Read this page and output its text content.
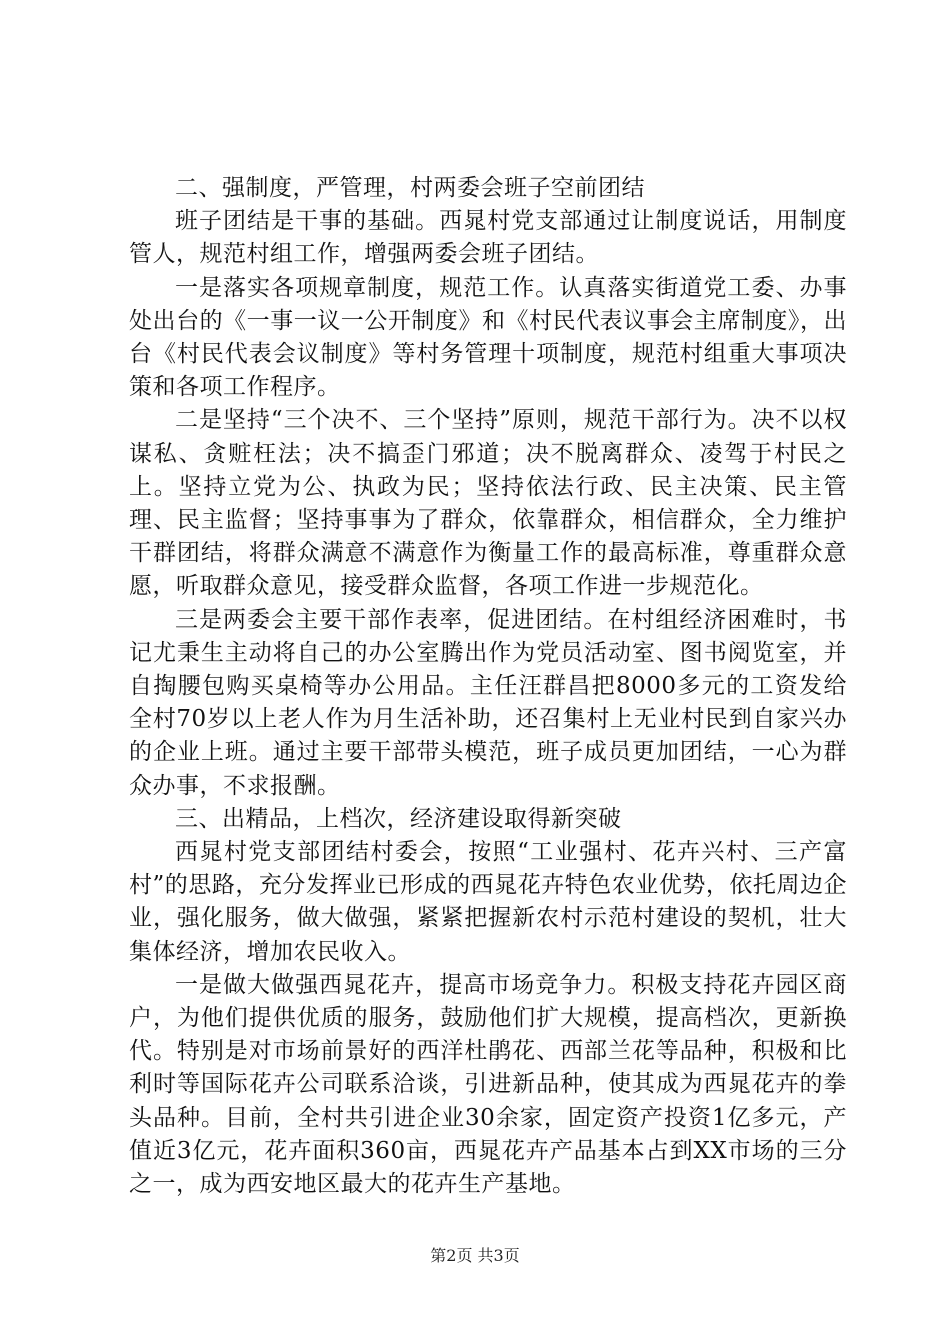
二、强制度，严管理，村两委会班子空前团结

班子团结是干事的基础。西晁村党支部通过让制度说话，用制度管人，规范村组工作，增强两委会班子团结。

一是落实各项规章制度，规范工作。认真落实街道党工委、办事处出台的《一事一议一公开制度》和《村民代表议事会主席制度》，出台《村民代表会议制度》等村务管理十项制度，规范村组重大事项决策和各项工作程序。

二是坚持“三个决不、三个坚持”原则，规范干部行为。决不以权谋私、贪赃枉法；决不搞歪门邪道；决不脱离群众、凌驾于村民之上。坚持立党为公、执政为民；坚持依法行政、民主决策、民主管理、民主监督；坚持事事为了群众，依靠群众，相信群众，全力维护干群团结，将群众满意不满意作为衡量工作的最高标准，尊重群众意愿，听取群众意见，接受群众监督，各项工作进一步规范化。

三是两委会主要干部作表率，促进团结。在村组经济困难时，书记尤秉生主动将自己的办公室腾出作为党员活动室、图书阅览室，并自掏腰包购买桌椅等办公用品。主任汪群昌把8000多元的工资发给全村70岁以上老人作为月生活补助，还召集村上无业村民到自家兴办的企业上班。通过主要干部带头模范，班子成员更加团结，一心为群众办事，不求报酬。

三、出精品，上档次，经济建设取得新突破

西晁村党支部团结村委会，按照“工业强村、花卉兴村、三产富村”的思路，充分发挥业已形成的西晁花卉特色农业优势，依托周边企业，强化服务，做大做强，紧紧把握新农村示范村建设的契机，壮大集体经济，增加农民收入。

一是做大做强西晁花卉，提高市场竞争力。积极支持花卉园区商户，为他们提供优质的服务，鼓励他们扩大规模，提高档次，更新换代。特别是对市场前景好的西洋杜鹃花、西部兰花等品种，积极和比利时等国际花卉公司联系洽谈，引进新品种，使其成为西晁花卉的拳头品种。目前，全村共引进企业30余家，固定资产投资1亿多元，产值近3亿元，花卉面积360亩，西晁花卉产品基本占到XX市场的三分之一，成为西安地区最大的花卉生产基地。

第2页 共3页
